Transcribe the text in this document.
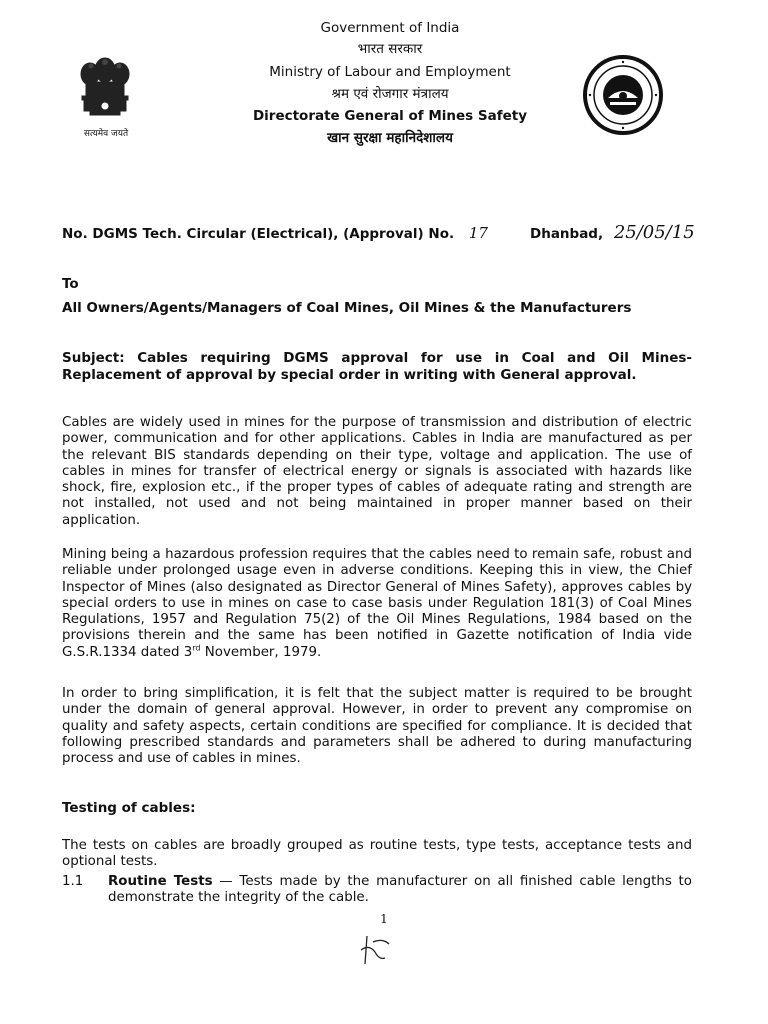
सत्यमेव जयते
Government of India
भारत सरकार
Ministry of Labour and Employment
श्रम एवं रोजगार मंत्रालय
Directorate General of Mines Safety
खान सुरक्षा महानिदेशालय
No. DGMS Tech. Circular (Electrical), (Approval) No. 17	Dhanbad, 25/05/15
To
All Owners/Agents/Managers of Coal Mines, Oil Mines & the Manufacturers

Subject: Cables requiring DGMS approval for use in Coal and Oil Mines- Replacement of approval by special order in writing with General approval.

Cables are widely used in mines for the purpose of transmission and distribution of electric power, communication and for other applications. Cables in India are manufactured as per the relevant BIS standards depending on their type, voltage and application. The use of cables in mines for transfer of electrical energy or signals is associated with hazards like shock, fire, explosion etc., if the proper types of cables of adequate rating and strength are not installed, not used and not being maintained in proper manner based on their application.

Mining being a hazardous profession requires that the cables need to remain safe, robust and reliable under prolonged usage even in adverse conditions. Keeping this in view, the Chief Inspector of Mines (also designated as Director General of Mines Safety), approves cables by special orders to use in mines on case to case basis under Regulation 181(3) of Coal Mines Regulations, 1957 and Regulation 75(2) of the Oil Mines Regulations, 1984 based on the provisions therein and the same has been notified in Gazette notification of India vide G.S.R.1334 dated 3rd November, 1979.

In order to bring simplification, it is felt that the subject matter is required to be brought under the domain of general approval. However, in order to prevent any compromise on quality and safety aspects, certain conditions are specified for compliance. It is decided that following prescribed standards and parameters shall be adhered to during manufacturing process and use of cables in mines.

Testing of cables:

The tests on cables are broadly grouped as routine tests, type tests, acceptance tests and optional tests.

1.1 Routine Tests — Tests made by the manufacturer on all finished cable lengths to demonstrate the integrity of the cable.
1
